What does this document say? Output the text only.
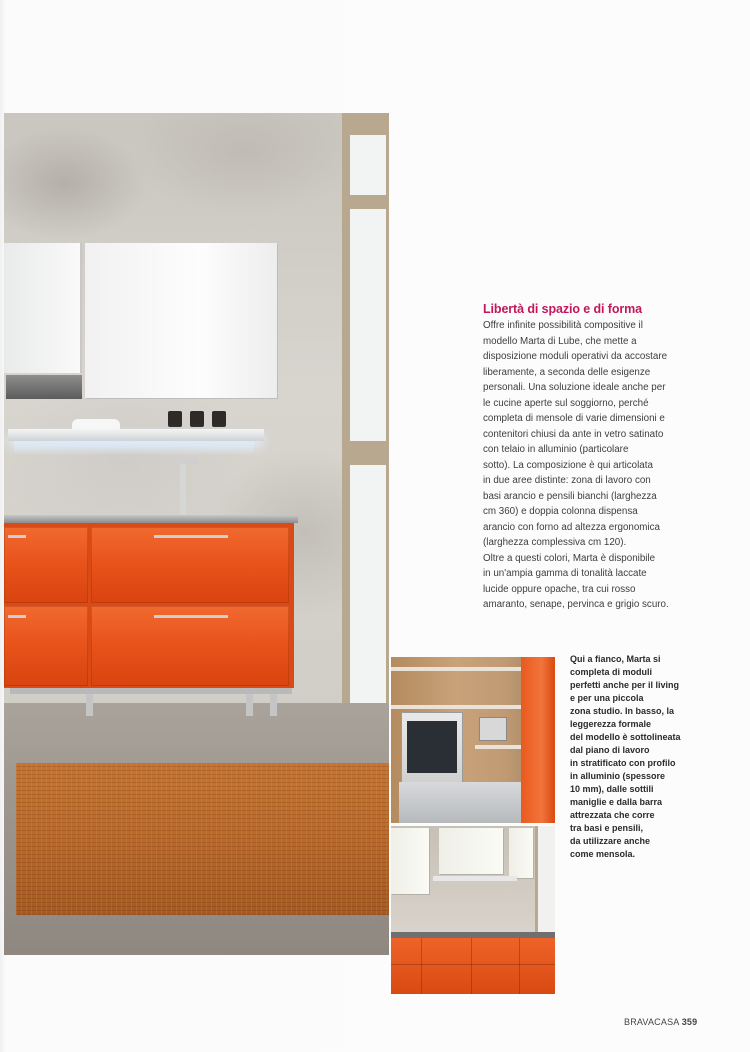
Libertà di spazio e di forma

Offre infinite possibilità compositive il
modello Marta di Lube, che mette a
disposizione moduli operativi da accostare
liberamente, a seconda delle esigenze
personali. Una soluzione ideale anche per
le cucine aperte sul soggiorno, perché
completa di mensole di varie dimensioni e
contenitori chiusi da ante in vetro satinato
con telaio in alluminio (particolare
sotto). La composizione è qui articolata
in due aree distinte: zona di lavoro con
basi arancio e pensili bianchi (larghezza
cm 360) e doppia colonna dispensa
arancio con forno ad altezza ergonomica
(larghezza complessiva cm 120).
Oltre a questi colori, Marta è disponibile
in un'ampia gamma di tonalità laccate
lucide oppure opache, tra cui rosso
amaranto, senape, pervinca e grigio scuro.

Qui a fianco, Marta si
completa di moduli
perfetti anche per il living
e per una piccola
zona studio. In basso, la
leggerezza formale
del modello è sottolineata
dal piano di lavoro
in stratificato con profilo
in alluminio (spessore
10 mm), dalle sottili
maniglie e dalla barra
attrezzata che corre
tra basi e pensili,
da utilizzare anche
come mensola.

BRAVACASA 359
